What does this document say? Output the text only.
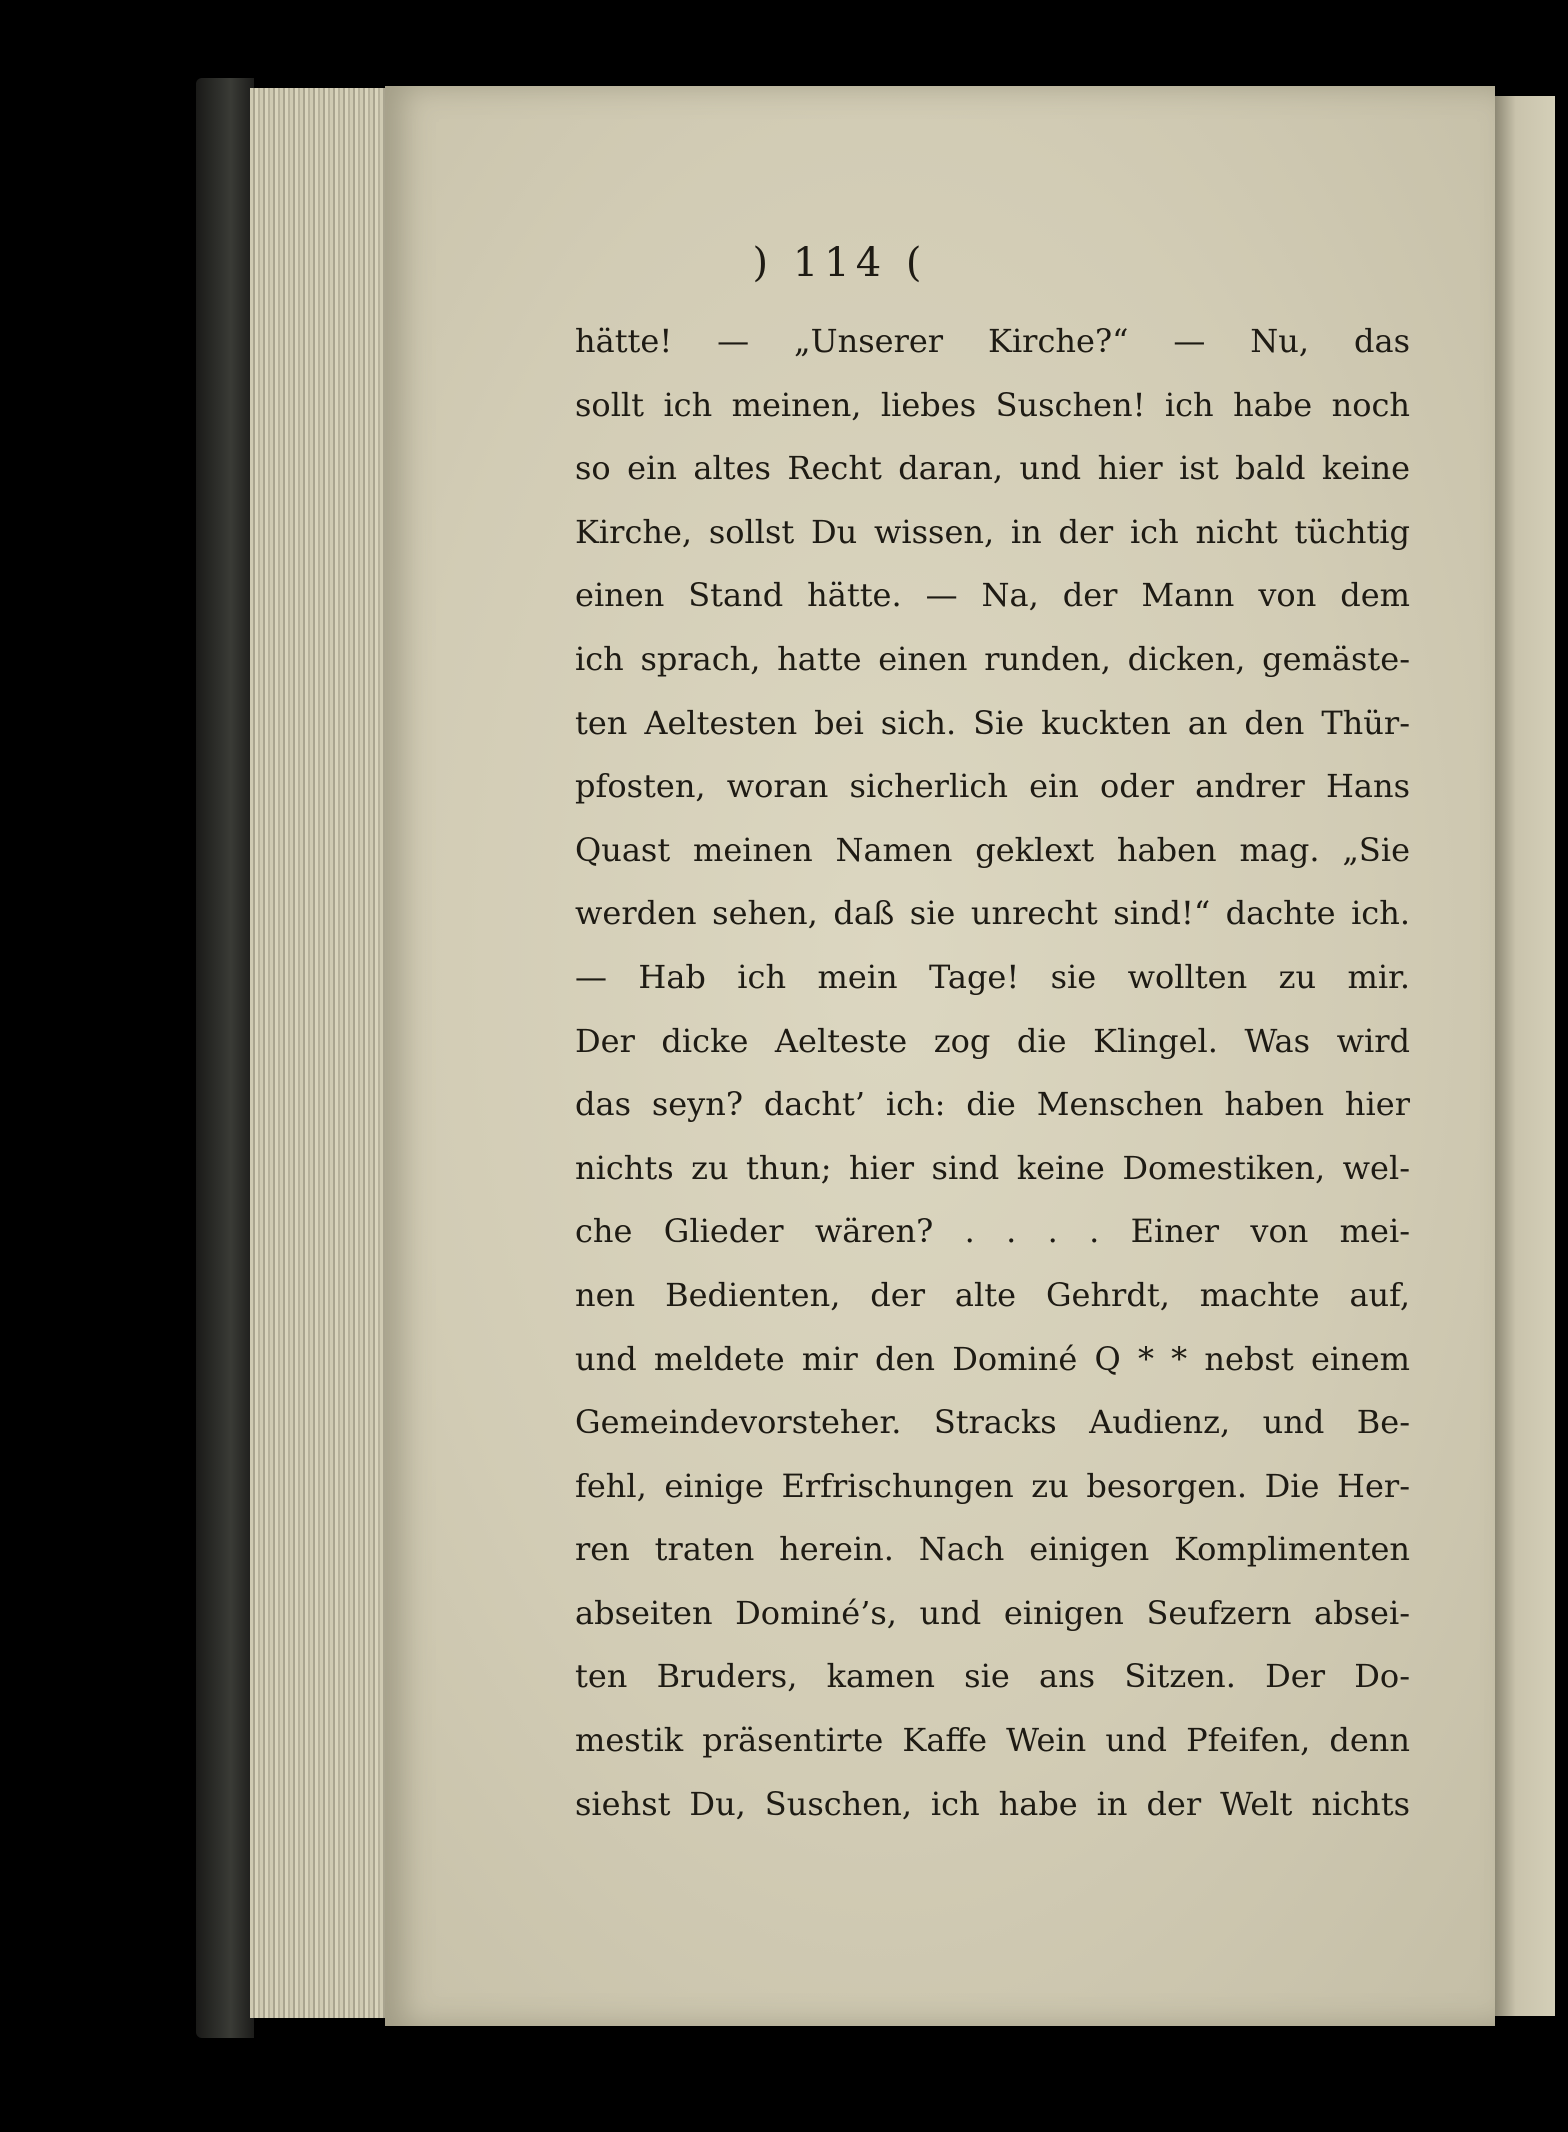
) 114 (
hätte! — „Unserer Kirche?“ — Nu, das
sollt ich meinen, liebes Suschen! ich habe noch
so ein altes Recht daran, und hier ist bald keine
Kirche, sollst Du wissen, in der ich nicht tüchtig
einen Stand hätte. — Na, der Mann von dem
ich sprach, hatte einen runden, dicken, gemäste-
ten Aeltesten bei sich. Sie kuckten an den Thür-
pfosten, woran sicherlich ein oder andrer Hans
Quast meinen Namen geklext haben mag. „Sie
werden sehen, daß sie unrecht sind!“ dachte ich.
— Hab ich mein Tage! sie wollten zu mir.
Der dicke Aelteste zog die Klingel. Was wird
das seyn? dacht’ ich: die Menschen haben hier
nichts zu thun; hier sind keine Domestiken, wel-
che Glieder wären? . . . . Einer von mei-
nen Bedienten, der alte Gehrdt, machte auf,
und meldete mir den Dominé Q * * nebst einem
Gemeindevorsteher. Stracks Audienz, und Be-
fehl, einige Erfrischungen zu besorgen. Die Her-
ren traten herein. Nach einigen Komplimenten
abseiten Dominé’s, und einigen Seufzern absei-
ten Bruders, kamen sie ans Sitzen. Der Do-
mestik präsentirte Kaffe Wein und Pfeifen, denn
siehst Du, Suschen, ich habe in der Welt nichts
